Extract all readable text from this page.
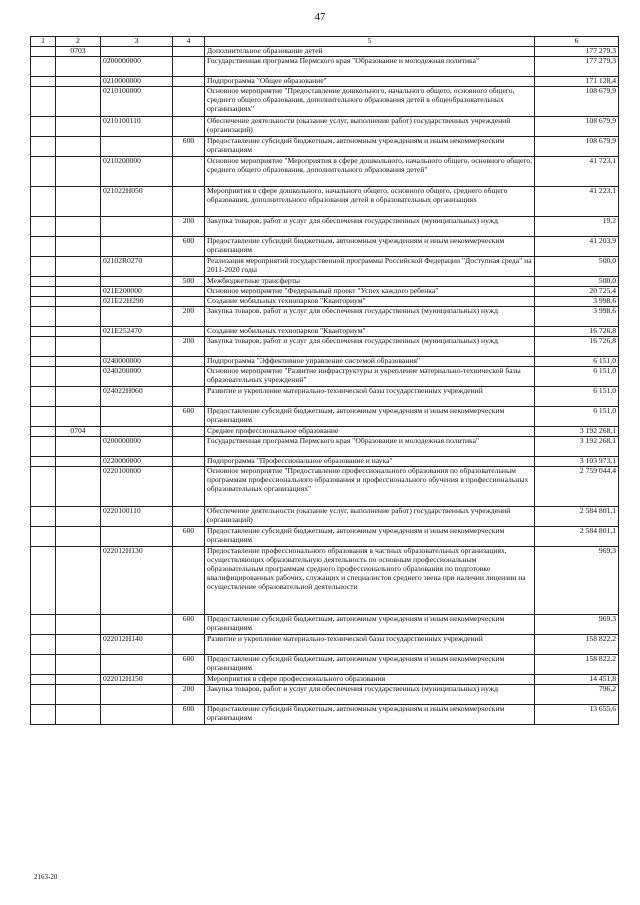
47
1	2	3	4	5	6
	0703			Дополнительное образование детей	177 279,3
		0200000000		Государственная программа Пермского края "Образование и молодежная политика"	177 279,3
		0210000000		Подпрограмма "Общее образование"	171 128,4
		0210100000		Основное мероприятие "Предоставление дошкольного, начального общего, основного общего, среднего общего образования, дополнительного образования детей в общеобразовательных организациях"	108 679,9
		0210100110		Обеспечение деятельности (оказание услуг, выполнение работ) государственных учреждений (организаций)	108 679,9
			600	Предоставление субсидий бюджетным, автономным учреждениям и иным некоммерческим организациям	108 679,9
		0210200000		Основное мероприятие "Мероприятия в сфере дошкольного, начального общего, основного общего, среднего общего образования, дополнительного образования детей"	41 723,1
		021022Н050		Мероприятия в сфере дошкольного, начального общего, основного общего, среднего общего образования, дополнительного образования детей в образовательных организациях	41 223,1
			200	Закупка товаров, работ и услуг для обеспечения государственных (муниципальных) нужд	19,2
			600	Предоставление субсидий бюджетным, автономным учреждениям и иным некоммерческим организациям	41 203,9
		02102R0270		Реализация мероприятий государственной программы Российской Федерации "Доступная среда" на 2011-2020 годы	500,0
			500	Межбюджетные трансферты	500,0
		021Е200000		Основное мероприятие "Федеральный проект "Успех каждого ребенка"	20 725,4
		021Е22Н290		Создание мобильных технопарков "Кванториум"	3 998,6
			200	Закупка товаров, работ и услуг для обеспечения государственных (муниципальных) нужд	3 998,6
		021Е252470		Создание мобильных технопарков "Кванториум"	16 726,8
			200	Закупка товаров, работ и услуг для обеспечения государственных (муниципальных) нужд	16 726,8
		0240000000		Подпрограмма "Эффективное управление системой образования"	6 151,0
		0240200000		Основное мероприятие "Развитие инфраструктуры и укрепление материально-технической базы образовательных учреждений"	6 151,0
		024022Н060		Развитие и укрепление материально-технической базы государственных учреждений	6 151,0
			600	Предоставление субсидий бюджетным, автономным учреждениям и иным некоммерческим организациям	6 151,0
	0704			Среднее профессиональное образование	3 192 268,1
		0200000000		Государственная программа Пермского края "Образование и молодежная политика"	3 192 268,1
		0220000000		Подпрограмма "Профессиональное образование и наука"	3 103 973,1
		0220100000		Основное мероприятие "Предоставление профессионального образования по образовательным программам профессионального образования и профессионального обучения в профессиональных образовательных организациях"	2 759 044,4
		0220100110		Обеспечение деятельности (оказание услуг, выполнение работ) государственных учреждений (организаций)	2 584 801,1
			600	Предоставление субсидий бюджетным, автономным учреждениям и иным некоммерческим организациям	2 584 801,1
		022012Н130		Предоставление профессионального образования в частных образовательных организациях, осуществляющих образовательную деятельность по основным профессиональным образовательным программам среднего профессионального образования по подготовке квалифицированных рабочих, служащих и специалистов среднего звена при наличии лицензии на осуществление образовательной деятельности	969,3
			600	Предоставление субсидий бюджетным, автономным учреждениям и иным некоммерческим организациям	969,3
		022012Н140		Развитие и укрепление материально-технической базы государственных учреждений	158 822,2
			600	Предоставление субсидий бюджетным, автономным учреждениям и иным некоммерческим организациям	158 822,2
		022012Н150		Мероприятия в сфере профессионального образования	14 451,8
			200	Закупка товаров, работ и услуг для обеспечения государственных (муниципальных) нужд	796,2
			600	Предоставление субсидий бюджетным, автономным учреждениям и иным некоммерческим организациям	13 655,6
2163-20
